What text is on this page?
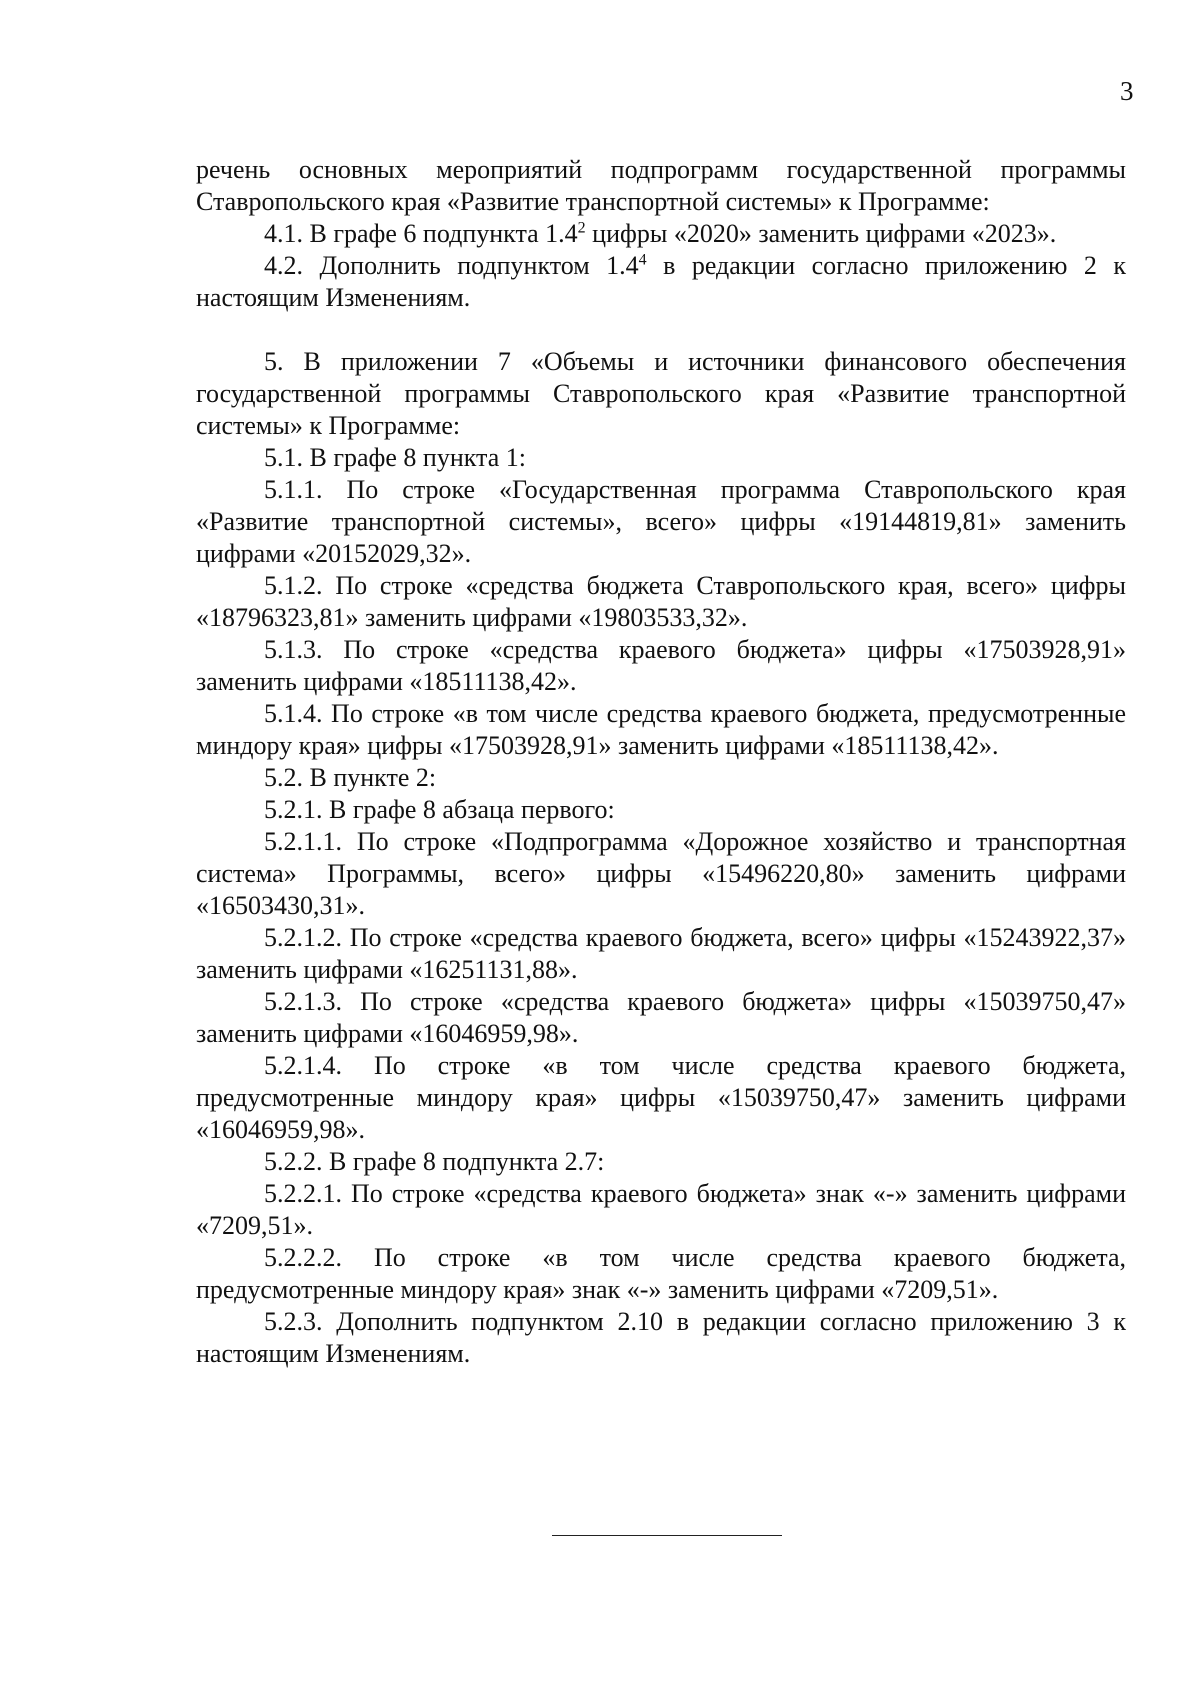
3

речень основных мероприятий подпрограмм государственной программы Ставропольского края «Развитие транспортной системы» к Программе:

4.1. В графе 6 подпункта $1.4^2$ цифры «2020» заменить цифрами «2023».

4.2. Дополнить подпунктом $1.4^4$ в редакции согласно приложению 2 к настоящим Изменениям.

5. В приложении 7 «Объемы и источники финансового обеспечения государственной программы Ставропольского края «Развитие транспортной системы» к Программе:

5.1. В графе 8 пункта 1:

5.1.1. По строке «Государственная программа Ставропольского края «Развитие транспортной системы», всего» цифры «19144819,81» заменить цифрами «20152029,32».

5.1.2. По строке «средства бюджета Ставропольского края, всего» цифры «18796323,81» заменить цифрами «19803533,32».

5.1.3. По строке «средства краевого бюджета» цифры «17503928,91» заменить цифрами «18511138,42».

5.1.4. По строке «в том числе средства краевого бюджета, предусмотренные миндору края» цифры «17503928,91» заменить цифрами «18511138,42».

5.2. В пункте 2:

5.2.1. В графе 8 абзаца первого:

5.2.1.1. По строке «Подпрограмма «Дорожное хозяйство и транспортная система» Программы, всего» цифры «15496220,80» заменить цифрами «16503430,31».

5.2.1.2. По строке «средства краевого бюджета, всего» цифры «15243922,37» заменить цифрами «16251131,88».

5.2.1.3. По строке «средства краевого бюджета» цифры «15039750,47» заменить цифрами «16046959,98».

5.2.1.4. По строке «в том числе средства краевого бюджета, предусмотренные миндору края» цифры «15039750,47» заменить цифрами «16046959,98».

5.2.2. В графе 8 подпункта 2.7:

5.2.2.1. По строке «средства краевого бюджета» знак «-» заменить цифрами «7209,51».

5.2.2.2. По строке «в том числе средства краевого бюджета, предусмотренные миндору края» знак «-» заменить цифрами «7209,51».

5.2.3. Дополнить подпунктом 2.10 в редакции согласно приложению 3 к настоящим Изменениям.
